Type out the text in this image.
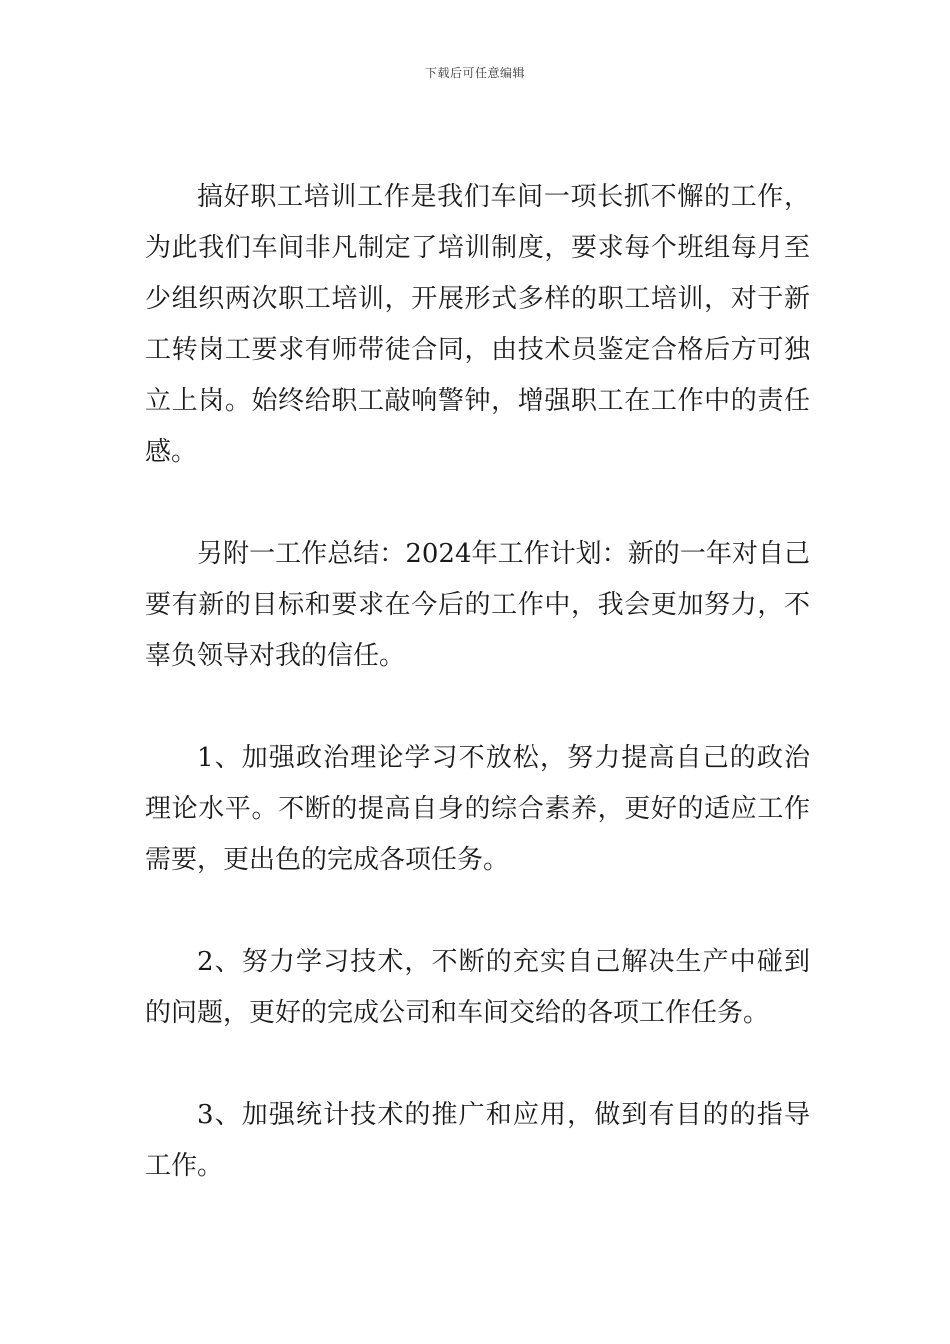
下载后可任意编辑

搞好职工培训工作是我们车间一项长抓不懈的工作，为此我们车间非凡制定了培训制度，要求每个班组每月至少组织两次职工培训，开展形式多样的职工培训，对于新工转岗工要求有师带徒合同，由技术员鉴定合格后方可独立上岗。始终给职工敲响警钟，增强职工在工作中的责任感。

另附一工作总结：2024年工作计划：新的一年对自己要有新的目标和要求在今后的工作中，我会更加努力，不辜负领导对我的信任。

1、加强政治理论学习不放松，努力提高自己的政治理论水平。不断的提高自身的综合素养，更好的适应工作需要，更出色的完成各项任务。

2、努力学习技术，不断的充实自己解决生产中碰到的问题，更好的完成公司和车间交给的各项工作任务。

3、加强统计技术的推广和应用，做到有目的的指导工作。
